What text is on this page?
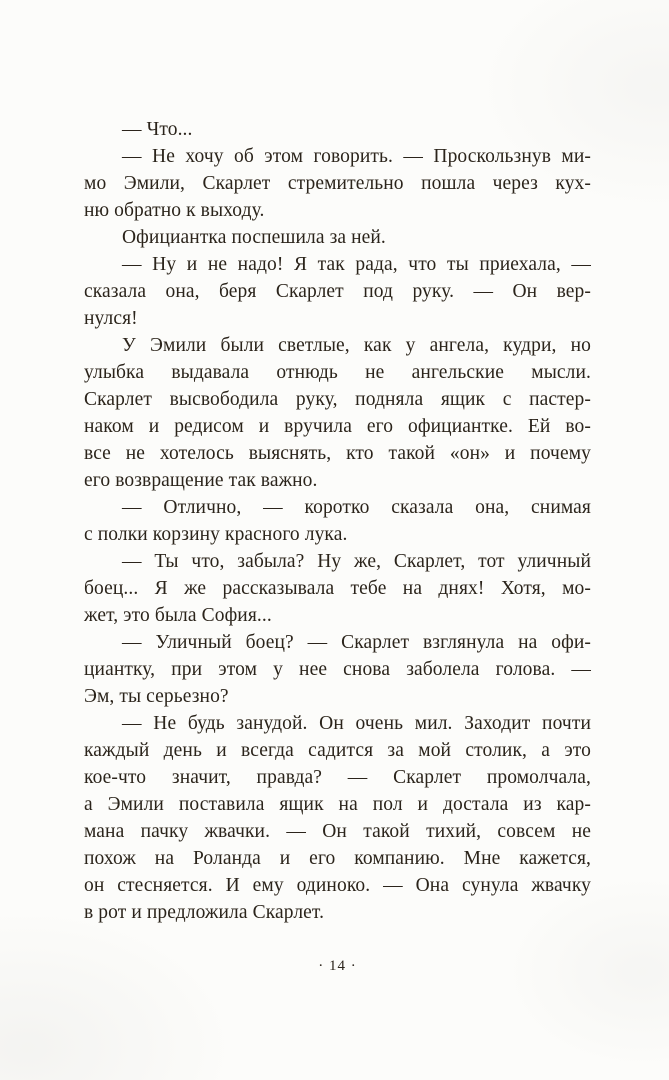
— Что...
— Не хочу об этом говорить. — Проскользнув ми-
мо Эмили, Скарлет стремительно пошла через кух-
ню обратно к выходу.
Официантка поспешила за ней.
— Ну и не надо! Я так рада, что ты приехала, —
сказала она, беря Скарлет под руку. — Он вер-
нулся!
У Эмили были светлые, как у ангела, кудри, но
улыбка выдавала отнюдь не ангельские мысли.
Скарлет высвободила руку, подняла ящик с пастер-
наком и редисом и вручила его официантке. Ей во-
все не хотелось выяснять, кто такой «он» и почему
его возвращение так важно.
— Отлично, — коротко сказала она, снимая
с полки корзину красного лука.
— Ты что, забыла? Ну же, Скарлет, тот уличный
боец... Я же рассказывала тебе на днях! Хотя, мо-
жет, это была София...
— Уличный боец? — Скарлет взглянула на офи-
циантку, при этом у нее снова заболела голова. —
Эм, ты серьезно?
— Не будь занудой. Он очень мил. Заходит почти
каждый день и всегда садится за мой столик, а это
кое-что значит, правда? — Скарлет промолчала,
а Эмили поставила ящик на пол и достала из кар-
мана пачку жвачки. — Он такой тихий, совсем не
похож на Роланда и его компанию. Мне кажется,
он стесняется. И ему одиноко. — Она сунула жвачку
в рот и предложила Скарлет.
· 14 ·
